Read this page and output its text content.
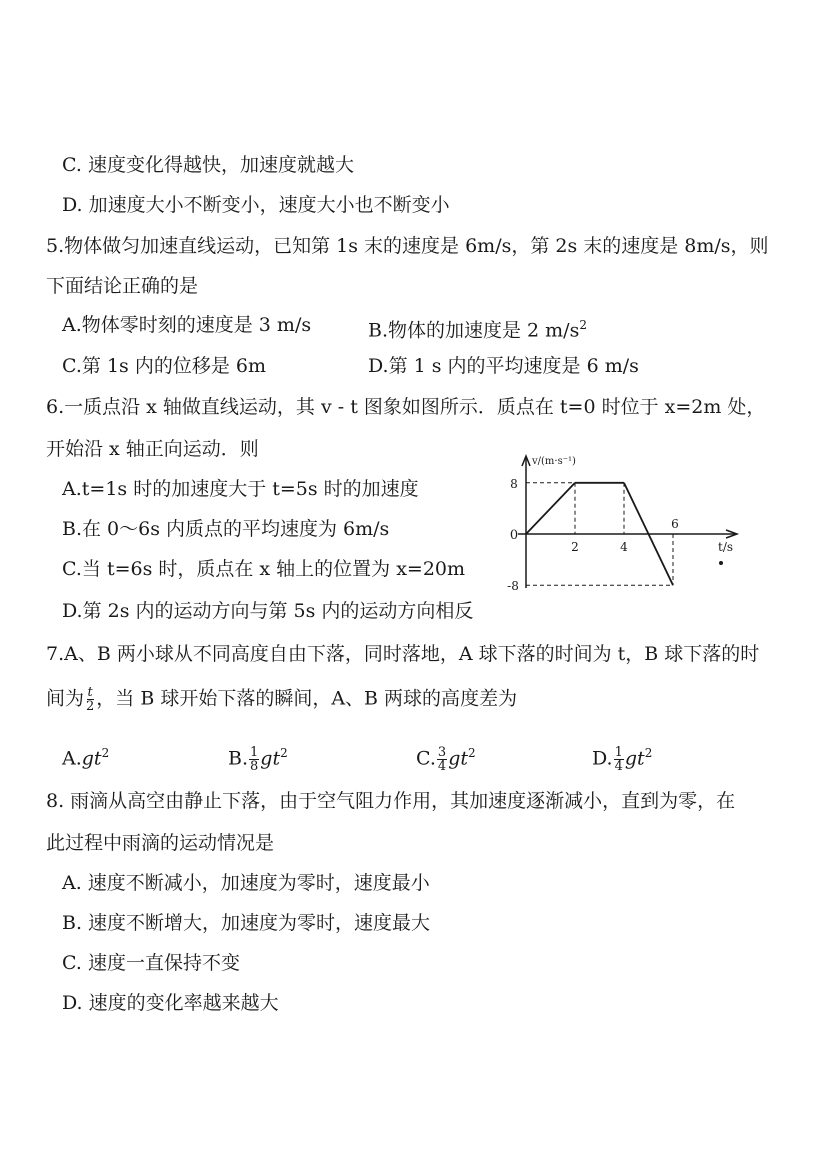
C. 速度变化得越快，加速度就越大
D. 加速度大小不断变小，速度大小也不断变小
5.物体做匀加速直线运动，已知第 1s 末的速度是 6m/s，第 2s 末的速度是 8m/s，则
下面结论正确的是
A.物体零时刻的速度是 3 m/s	B.物体的加速度是 2 $m/s^2$
C.第 1s 内的位移是 6m	D.第 1 s 内的平均速度是 6 m/s
6.一质点沿 x 轴做直线运动，其 v - t 图象如图所示．质点在 t=0 时位于 x=2m 处，
开始沿 x 轴正向运动．则
A.t=1s 时的加速度大于 t=5s 时的加速度
B.在 0～6s 内质点的平均速度为 6m/s
C.当 t=6s 时，质点在 x 轴上的位置为 x=20m
D.第 2s 内的运动方向与第 5s 内的运动方向相反
v/(m·s⁻¹)
t/s
0
8
-8
2	4
6
7.A、B 两小球从不同高度自由下落，同时落地，A 球下落的时间为 t，B 球下落的时
间为 $\frac{t}{2}$ ，当 B 球开始下落的瞬间，A、B 两球的高度差为
$A.gt^2$	B. $\frac{1}{8} gt^2$	C. $\frac{3}{4} gt^2$	D. $\frac{1}{4} gt^2$
8. 雨滴从高空由静止下落，由于空气阻力作用，其加速度逐渐减小，直到为零，在
此过程中雨滴的运动情况是
A. 速度不断减小，加速度为零时，速度最小
B. 速度不断增大，加速度为零时，速度最大
C. 速度一直保持不变
D. 速度的变化率越来越大
